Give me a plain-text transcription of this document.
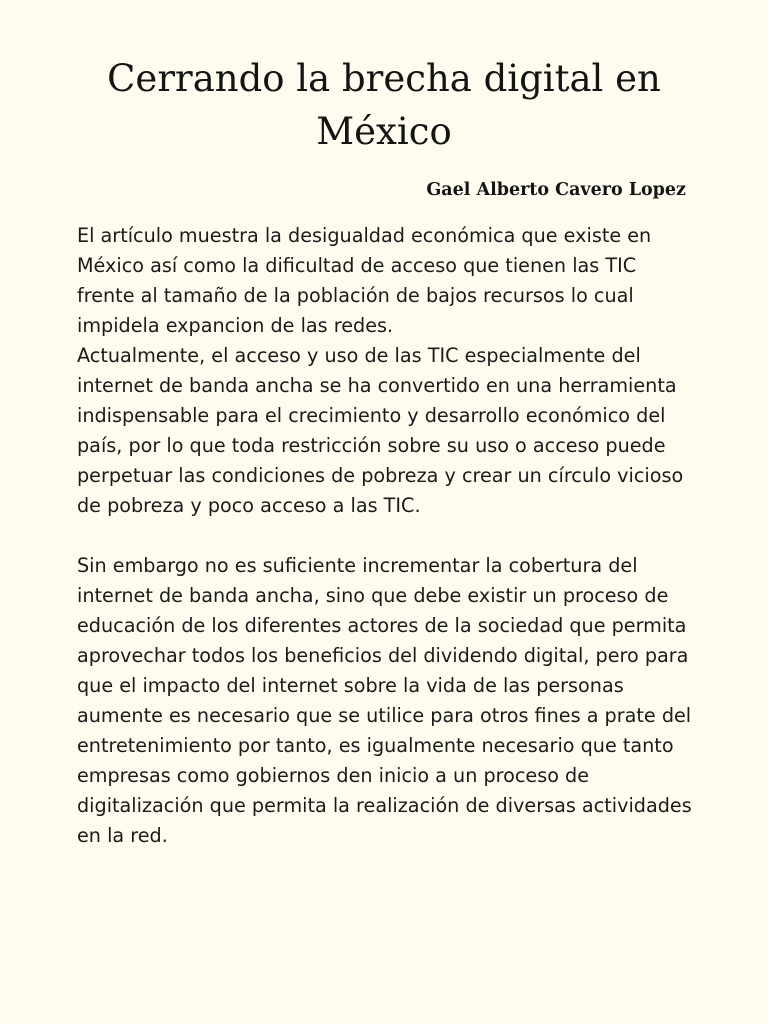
Cerrando la brecha digital en México
Gael Alberto Cavero Lopez

El artículo muestra la desigualdad económica que existe en México así como la dificultad de acceso que tienen las TIC frente al tamaño de la población de bajos recursos lo cual impidela expancion de las redes.

Actualmente, el acceso y uso de las TIC especialmente del internet de banda ancha se ha convertido en una herramienta indispensable para el crecimiento y desarrollo económico del país, por lo que toda restricción sobre su uso o acceso puede perpetuar las condiciones de pobreza y crear un círculo vicioso de pobreza y poco acceso a las TIC.

Sin embargo no es suficiente incrementar la cobertura del internet de banda ancha, sino que debe existir un proceso de educación de los diferentes actores de la sociedad que permita aprovechar todos los beneficios del dividendo digital, pero para que el impacto del internet sobre la vida de las personas aumente es necesario que se utilice para otros fines a prate del entretenimiento por tanto, es igualmente necesario que tanto empresas como gobiernos den inicio a un proceso de digitalización que permita la realización de diversas actividades en la red.
